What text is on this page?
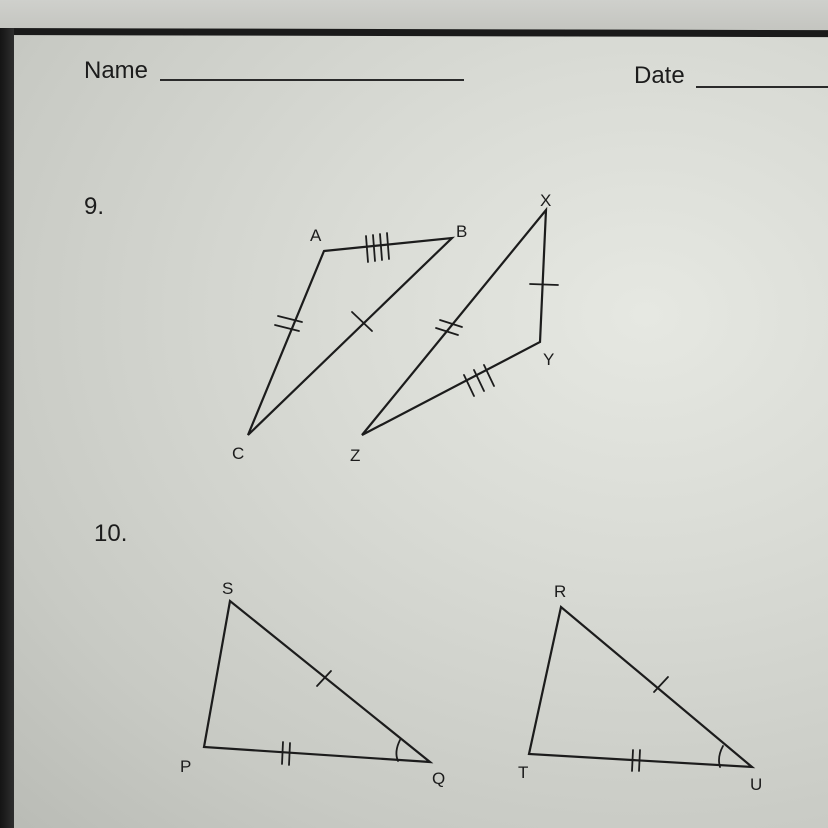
Name	Date
9.
10.
A	B
C
X
Y
Z
S
P
Q
R
T
U
